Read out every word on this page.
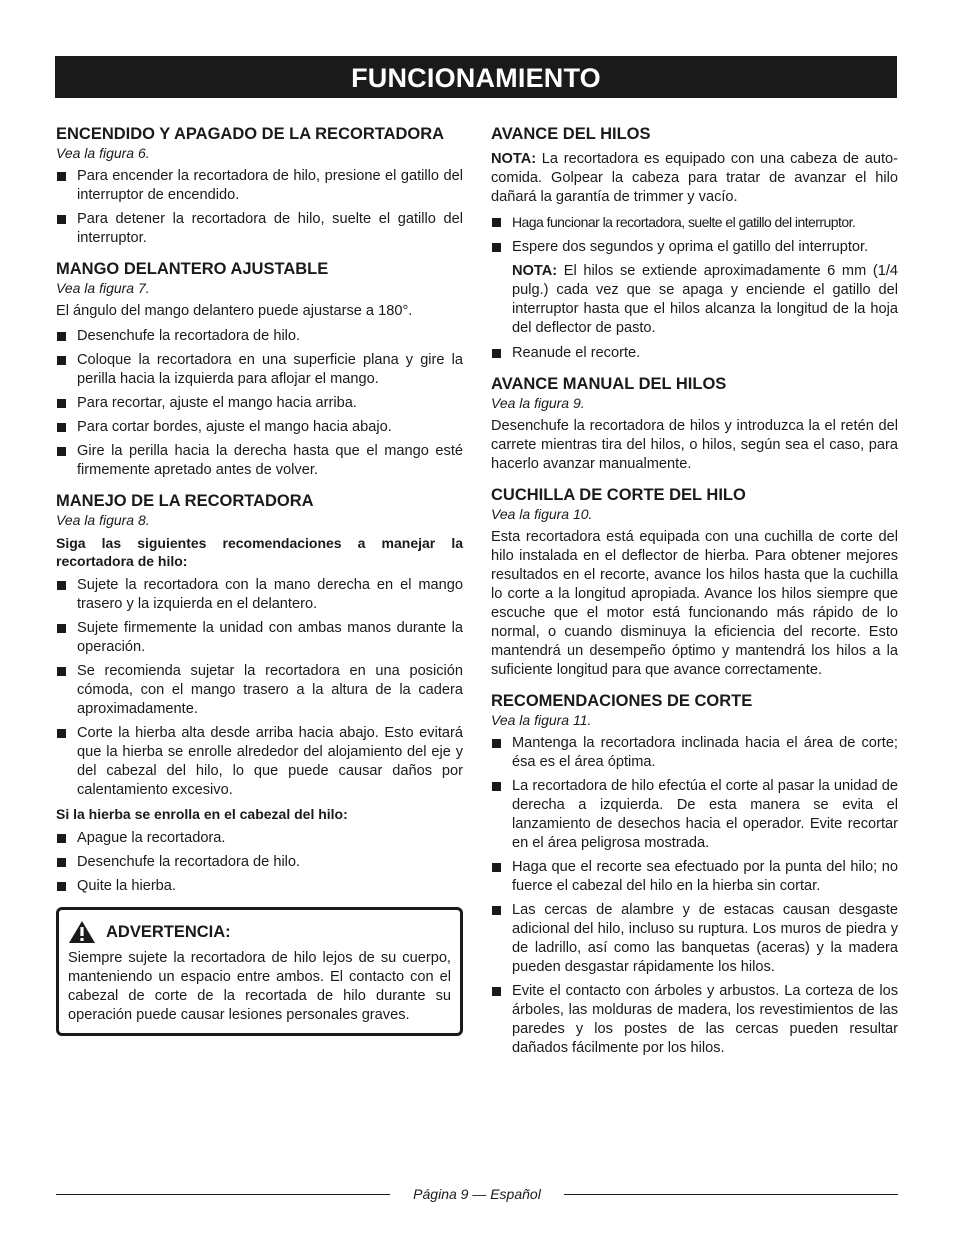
FUNCIONAMIENTO
ENCENDIDO Y APAGADO DE LA RECORTADORA
Vea la figura 6.
Para encender la recortadora de hilo, presione el gatillo del interruptor de encendido.
Para detener la recortadora de hilo, suelte el gatillo del interruptor.
MANGO DELANTERO AJUSTABLE
Vea la figura 7.

El ángulo del mango delantero puede ajustarse a 180°.

Desenchufe la recortadora de hilo.
Coloque la recortadora en una superficie plana y gire la perilla hacia la izquierda para aflojar el mango.
Para recortar, ajuste el mango hacia arriba.
Para cortar bordes, ajuste el mango hacia abajo.
Gire la perilla hacia la derecha hasta que el mango esté firmemente apretado antes de volver.
MANEJO DE LA RECORTADORA
Vea la figura 8.

Siga las siguientes recomendaciones a manejar la recortadora de hilo:

Sujete la recortadora con la mano derecha en el mango trasero y la izquierda en el delantero.
Sujete firmemente la unidad con ambas manos durante la operación.
Se recomienda sujetar la recortadora en una posición cómoda, con el mango trasero a la altura de la cadera aproximadamente.
Corte la hierba alta desde arriba hacia abajo. Esto evitará que la hierba se enrolle alrededor del alojamiento del eje y del cabezal del hilo, lo que puede causar daños por calentamiento excesivo.

Si la hierba se enrolla en el cabezal del hilo:

Apague la recortadora.
Desenchufe la recortadora de hilo.
Quite la hierba.
ADVERTENCIA:

Siempre sujete la recortadora de hilo lejos de su cuerpo, manteniendo un espacio entre ambos. El contacto con el cabezal de corte de la recortada de hilo durante su operación puede causar lesiones personales graves.

AVANCE DEL HILOS

NOTA: La recortadora es equipado con una cabeza de auto-comida. Golpear la cabeza para tratar de avanzar el hilo dañará la garantía de trimmer y vacío.

Haga funcionar la recortadora, suelte el gatillo del interruptor.
Espere dos segundos y oprima el gatillo del interruptor.
NOTA: El hilos se extiende aproximadamente 6 mm (1/4 pulg.) cada vez que se apaga y enciende el gatillo del interruptor hasta que el hilos alcanza la longitud de la hoja del deflector de pasto.
Reanude el recorte.
AVANCE MANUAL DEL HILOS
Vea la figura 9.

Desenchufe la recortadora de hilos y introduzca la el retén del carrete mientras tira del hilos, o hilos, según sea el caso, para hacerlo avanzar manualmente.

CUCHILLA DE CORTE DEL HILO
Vea la figura 10.

Esta recortadora está equipada con una cuchilla de corte del hilo instalada en el deflector de hierba. Para obtener mejores resultados en el recorte, avance los hilos hasta que la cuchilla lo corte a la longitud apropiada. Avance los hilos siempre que escuche que el motor está funcionando más rápido de lo normal, o cuando disminuya la eficiencia del recorte. Esto mantendrá un desempeño óptimo y mantendrá los hilos a la suficiente longitud para que avance correctamente.

RECOMENDACIONES DE CORTE
Vea la figura 11.
Mantenga la recortadora inclinada hacia el área de corte; ésa es el área óptima.
La recortadora de hilo efectúa el corte al pasar la unidad de derecha a izquierda. De esta manera se evita el lanzamiento de desechos hacia el operador. Evite recortar en el área peligrosa mostrada.
Haga que el recorte sea efectuado por la punta del hilo; no fuerce el cabezal del hilo en la hierba sin cortar.
Las cercas de alambre y de estacas causan desgaste adicional del hilo, incluso su ruptura. Los muros de piedra y de ladrillo, así como las banquetas (aceras) y la madera pueden desgastar rápidamente los hilos.
Evite el contacto con árboles y arbustos. La corteza de los árboles, las molduras de madera, los revestimientos de las paredes y los postes de las cercas pueden resultar dañados fácilmente por los hilos.
Página 9 — Español
